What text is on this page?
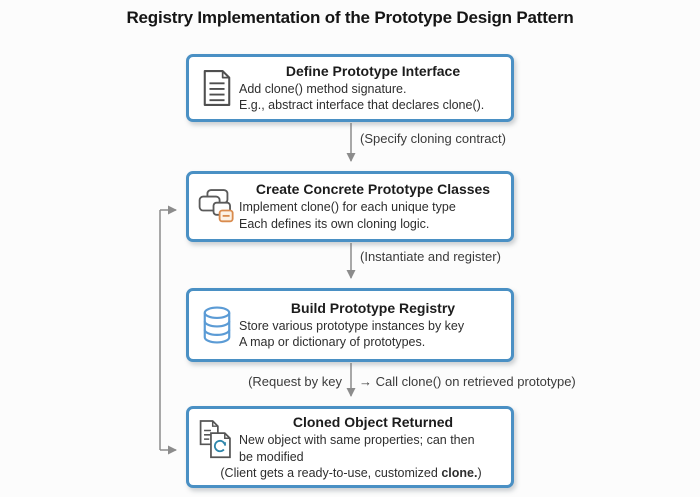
Registry Implementation of the Prototype Design Pattern
(Specify cloning contract)
(Instantiate and register)
(Request by key → Call clone() on retrieved prototype)
Define Prototype Interface
Add clone() method signature.
E.g., abstract interface that declares clone().
Create Concrete Prototype Classes
Implement clone() for each unique type
Each defines its own cloning logic.
Build Prototype Registry
Store various prototype instances by key
A map or dictionary of prototypes.
Cloned Object Returned
New object with same properties; can then
be modified
(Client gets a ready-to-use, customized clone.)
